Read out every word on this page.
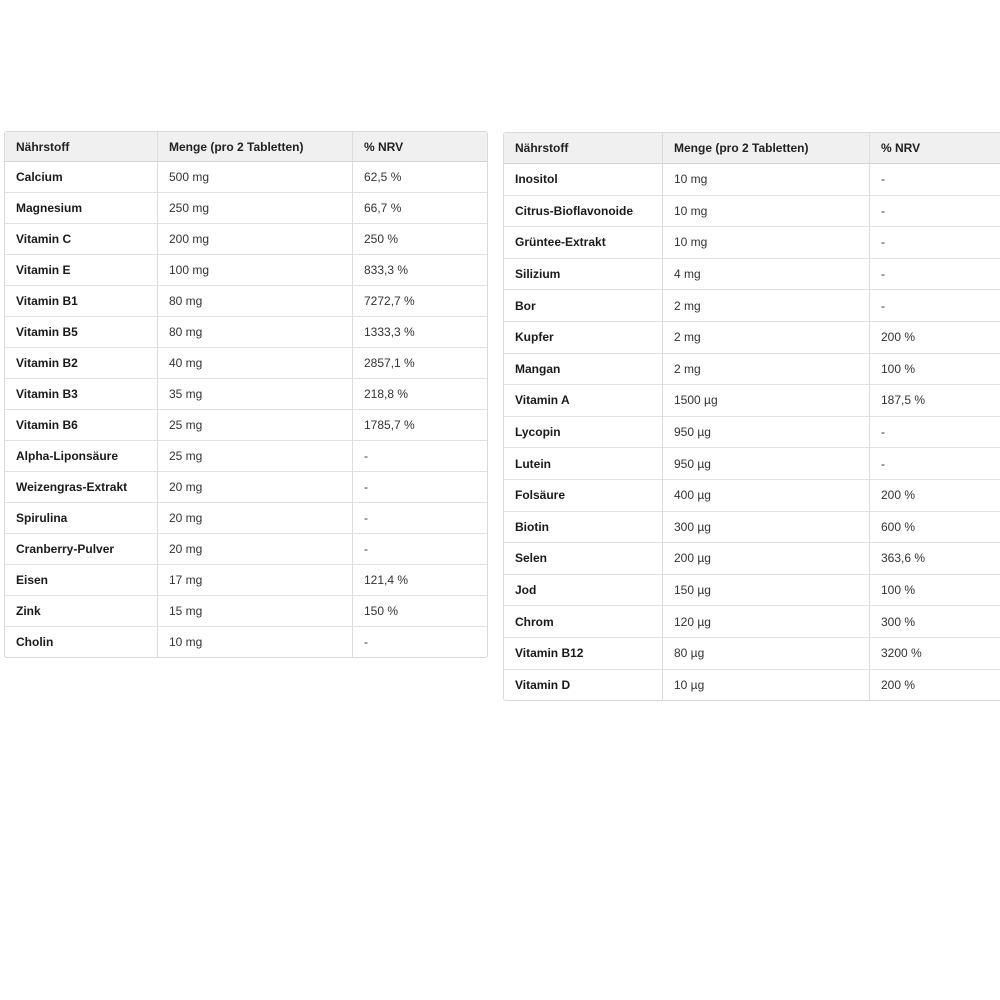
Nährstoff	Menge (pro 2 Tabletten)	% NRV
Calcium	500 mg	62,5 %
Magnesium	250 mg	66,7 %
Vitamin C	200 mg	250 %
Vitamin E	100 mg	833,3 %
Vitamin B1	80 mg	7272,7 %
Vitamin B5	80 mg	1333,3 %
Vitamin B2	40 mg	2857,1 %
Vitamin B3	35 mg	218,8 %
Vitamin B6	25 mg	1785,7 %
Alpha-Liponsäure	25 mg	-
Weizengras-Extrakt	20 mg	-
Spirulina	20 mg	-
Cranberry-Pulver	20 mg	-
Eisen	17 mg	121,4 %
Zink	15 mg	150 %
Cholin	10 mg	-
Nährstoff	Menge (pro 2 Tabletten)	% NRV
Inositol	10 mg	-
Citrus-Bioflavonoide	10 mg	-
Grüntee-Extrakt	10 mg	-
Silizium	4 mg	-
Bor	2 mg	-
Kupfer	2 mg	200 %
Mangan	2 mg	100 %
Vitamin A	1500 µg	187,5 %
Lycopin	950 µg	-
Lutein	950 µg	-
Folsäure	400 µg	200 %
Biotin	300 µg	600 %
Selen	200 µg	363,6 %
Jod	150 µg	100 %
Chrom	120 µg	300 %
Vitamin B12	80 µg	3200 %
Vitamin D	10 µg	200 %
